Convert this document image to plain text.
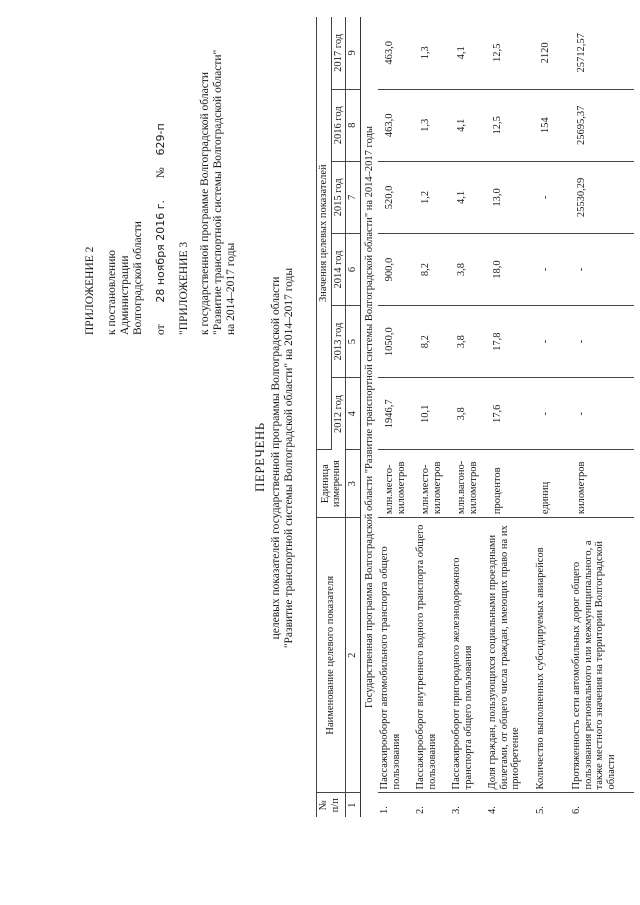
ПРИЛОЖЕНИЕ 2 к постановлению Администрации Волгоградской области от  28 ноября 2016 г.  №  629-п
"ПРИЛОЖЕНИЕ 3 к государственной программе Волгоградской области "Развитие транспортной системы Волгоградской области" на 2014–2017 годы
ПЕРЕЧЕНЬ целевых показателей государственной программы Волгоградской области "Развитие транспортной системы Волгоградской области" на 2014–2017 годы
№
п/п	Наименование целевого показателя	Единица
измерения	Значения целевых показателей					
			2012 год	2013 год	2014 год	2015 год	2016 год	2017 год
1	2	3	4	5	6	7	8	9
Государственная программа Волгоградской области "Развитие транспортной системы Волгоградской области" на 2014–2017 годы								
1.	Пассажирооборот автомобильного транспорта общего пользования	млн.место-километров	1946,7	1050,0	900,0	520,0	463,0	463,0
2.	Пассажирооборот внутреннего водного транспорта общего пользования	млн.место-километров	10,1	8,2	8,2	1,2	1,3	1,3
3.	Пассажирооборот пригородного железнодорожного транспорта общего пользования	млн.вагоно-километров	3,8	3,8	3,8	4,1	4,1	4,1
4.	Доля граждан, пользующихся социальными проездными билетами, от общего числа граждан, имеющих право на их приобретение	процентов	17,6	17,8	18,0	13,0	12,5	12,5
5.	Количество выполненных субсидируемых авиарейсов	единиц	-	-	-	-	154	2120
6.	Протяженность сети автомобильных дорог общего пользования регионального или межмуниципального, а также местного значения на территории Волгоградской области	километров	-	-	-	25530,29	25695,37	25712,57
